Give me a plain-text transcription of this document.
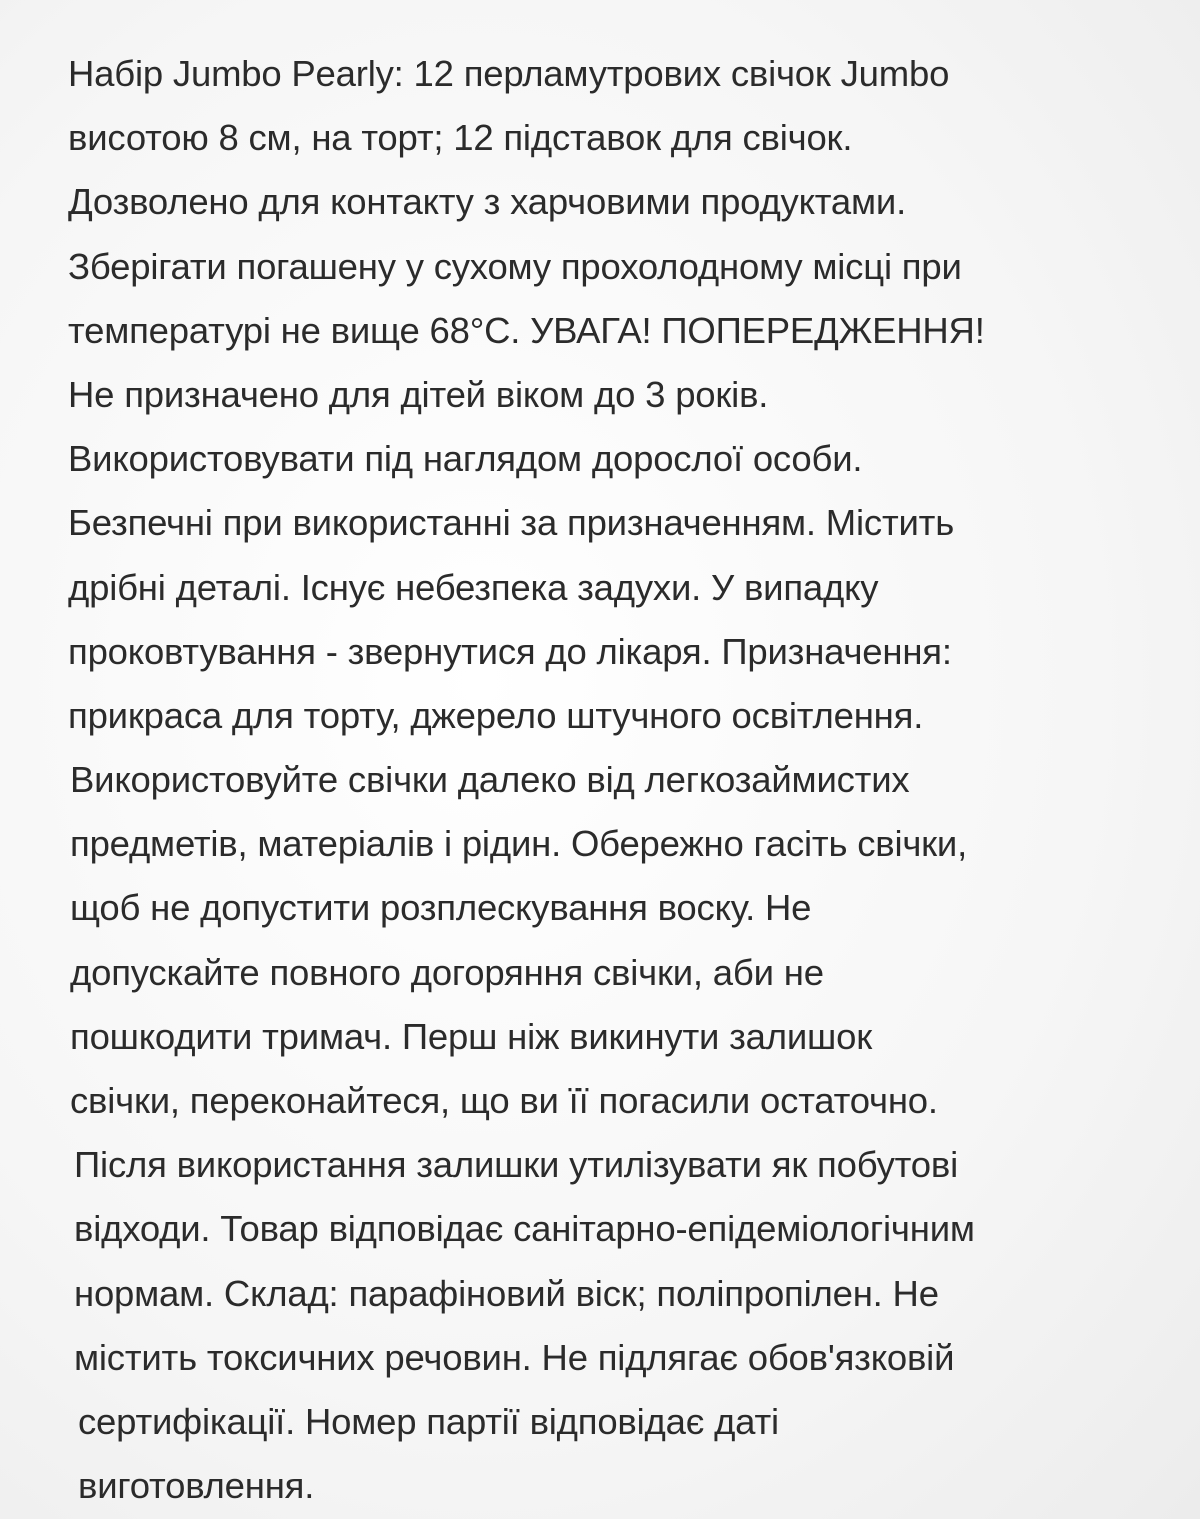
Набір Jumbo Pearly: 12 перламутрових свічок Jumbo
висотою 8 см, на торт; 12 підставок для свічок.
Дозволено для контакту з харчовими продуктами.
Зберігати погашену у сухому прохолодному місці при
температурі не вище 68°С. УВАГА! ПОПЕРЕДЖЕННЯ!
Не призначено для дітей віком до 3 років.
Використовувати під наглядом дорослої особи.
Безпечні при використанні за призначенням. Містить
дрібні деталі. Існує небезпека задухи. У випадку
проковтування - звернутися до лікаря. Призначення:
прикраса для торту, джерело штучного освітлення.
Використовуйте свічки далеко від легкозаймистих
предметів, матеріалів і рідин. Обережно гасіть свічки,
щоб не допустити розплескування воску. Не
допускайте повного догоряння свічки, аби не
пошкодити тримач. Перш ніж викинути залишок
свічки, переконайтеся, що ви її погасили остаточно.
Після використання залишки утилізувати як побутові
відходи. Товар відповідає санітарно-епідеміологічним
нормам. Склад: парафіновий віск; поліпропілен. Не
містить токсичних речовин. Не підлягає обов'язковій
сертифікації. Номер партії відповідає даті
виготовлення.
